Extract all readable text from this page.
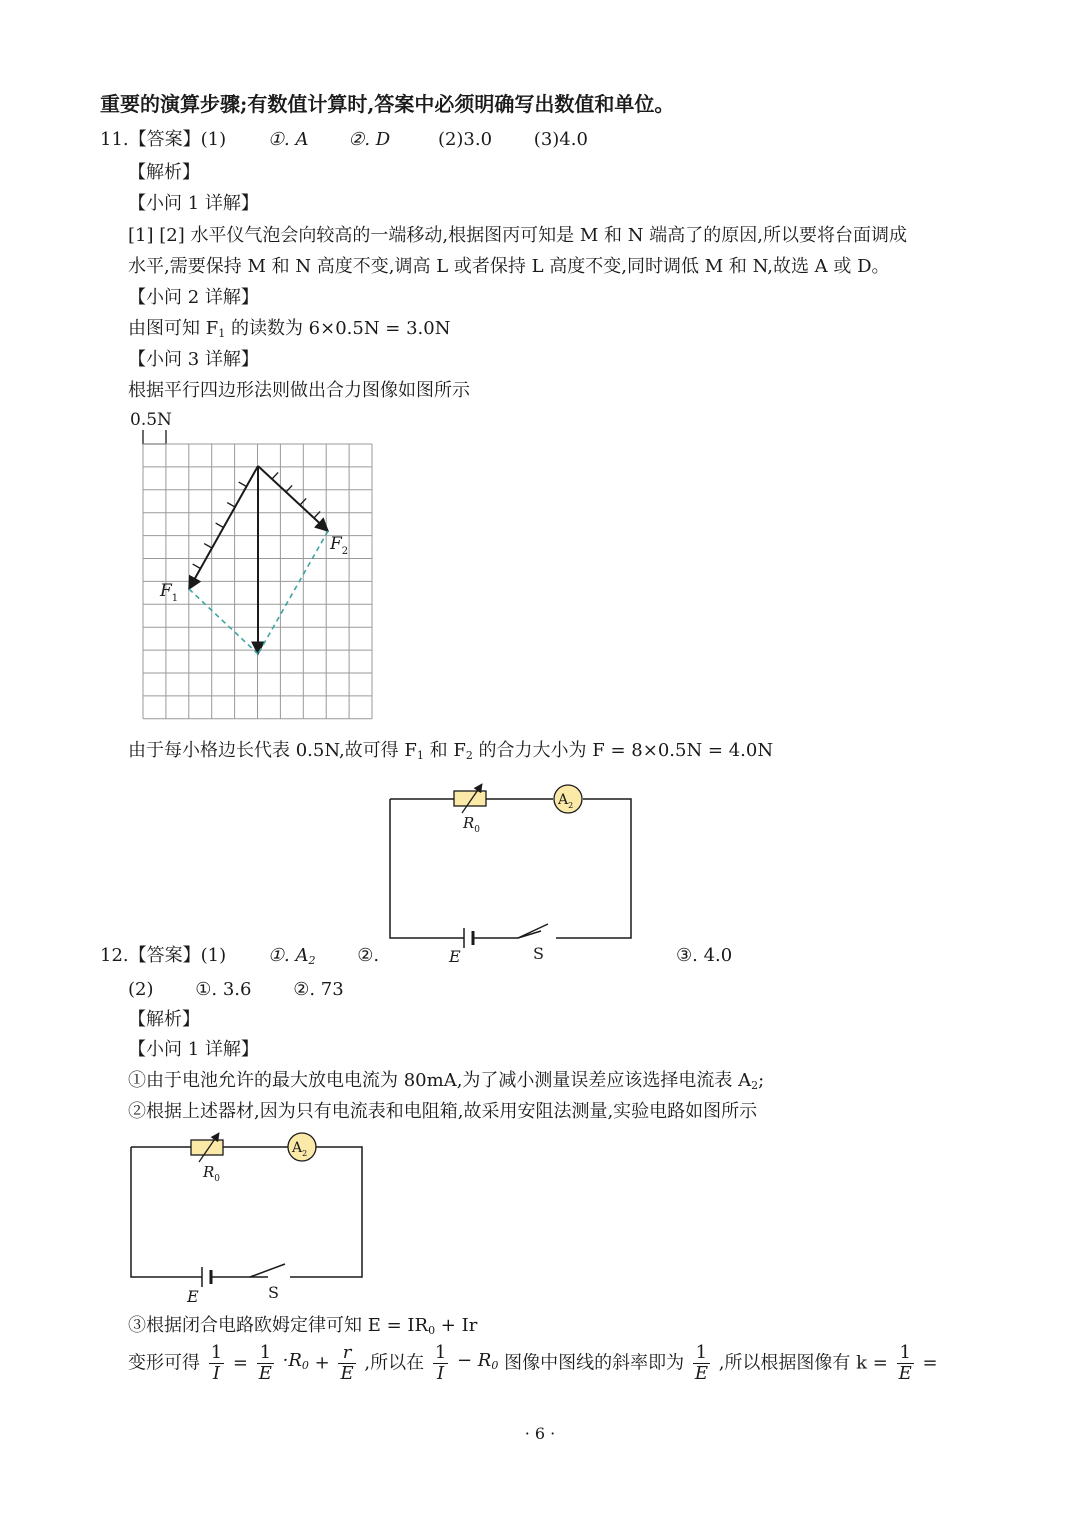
重要的演算步骤;有数值计算时,答案中必须明确写出数值和单位。
11.【答案】(1) ①. A ②. D	(2)3.0 (3)4.0
【解析】
【小问 1 详解】
[1] [2] 水平仪气泡会向较高的一端移动,根据图丙可知是 M 和 N 端高了的原因,所以要将台面调成
水平,需要保持 M 和 N 高度不变,调高 L 或者保持 L 高度不变,同时调低 M 和 N,故选 A 或 D。
【小问 2 详解】
由图可知 $F_1$ 的读数为 6×0.5N = 3.0N
【小问 3 详解】
根据平行四边形法则做出合力图像如图所示
0.5N
$F_1$
$F_2$
由于每小格边长代表 0.5N,故可得 $F_1$ 和 $F_2$ 的合力大小为 F = 8×0.5N = 4.0N
$R_0$
$A_2$
E	S
12.【答案】(1) ①. $A_2$ ②.	③. 4.0
(2) ①. 3.6 ②. 73
【解析】
【小问 1 详解】
①由于电池允许的最大放电电流为 80mA,为了减小测量误差应该选择电流表 $A_2$;
②根据上述器材,因为只有电流表和电阻箱,故采用安阻法测量,实验电路如图所示
$R_0$
$A_2$
E	S
③根据闭合电路欧姆定律可知 $E = IR_0 + Ir$
变形可得 $\frac{1}{I} = \frac{1}{E} \cdot R_0 + \frac{r}{E}$ ,所以在 $\frac{1}{I} - R_0$ 图像中图线的斜率即为 $\frac{1}{E}$ ,所以根据图像有 $k = \frac{1}{E}$ =
· 6 ·
